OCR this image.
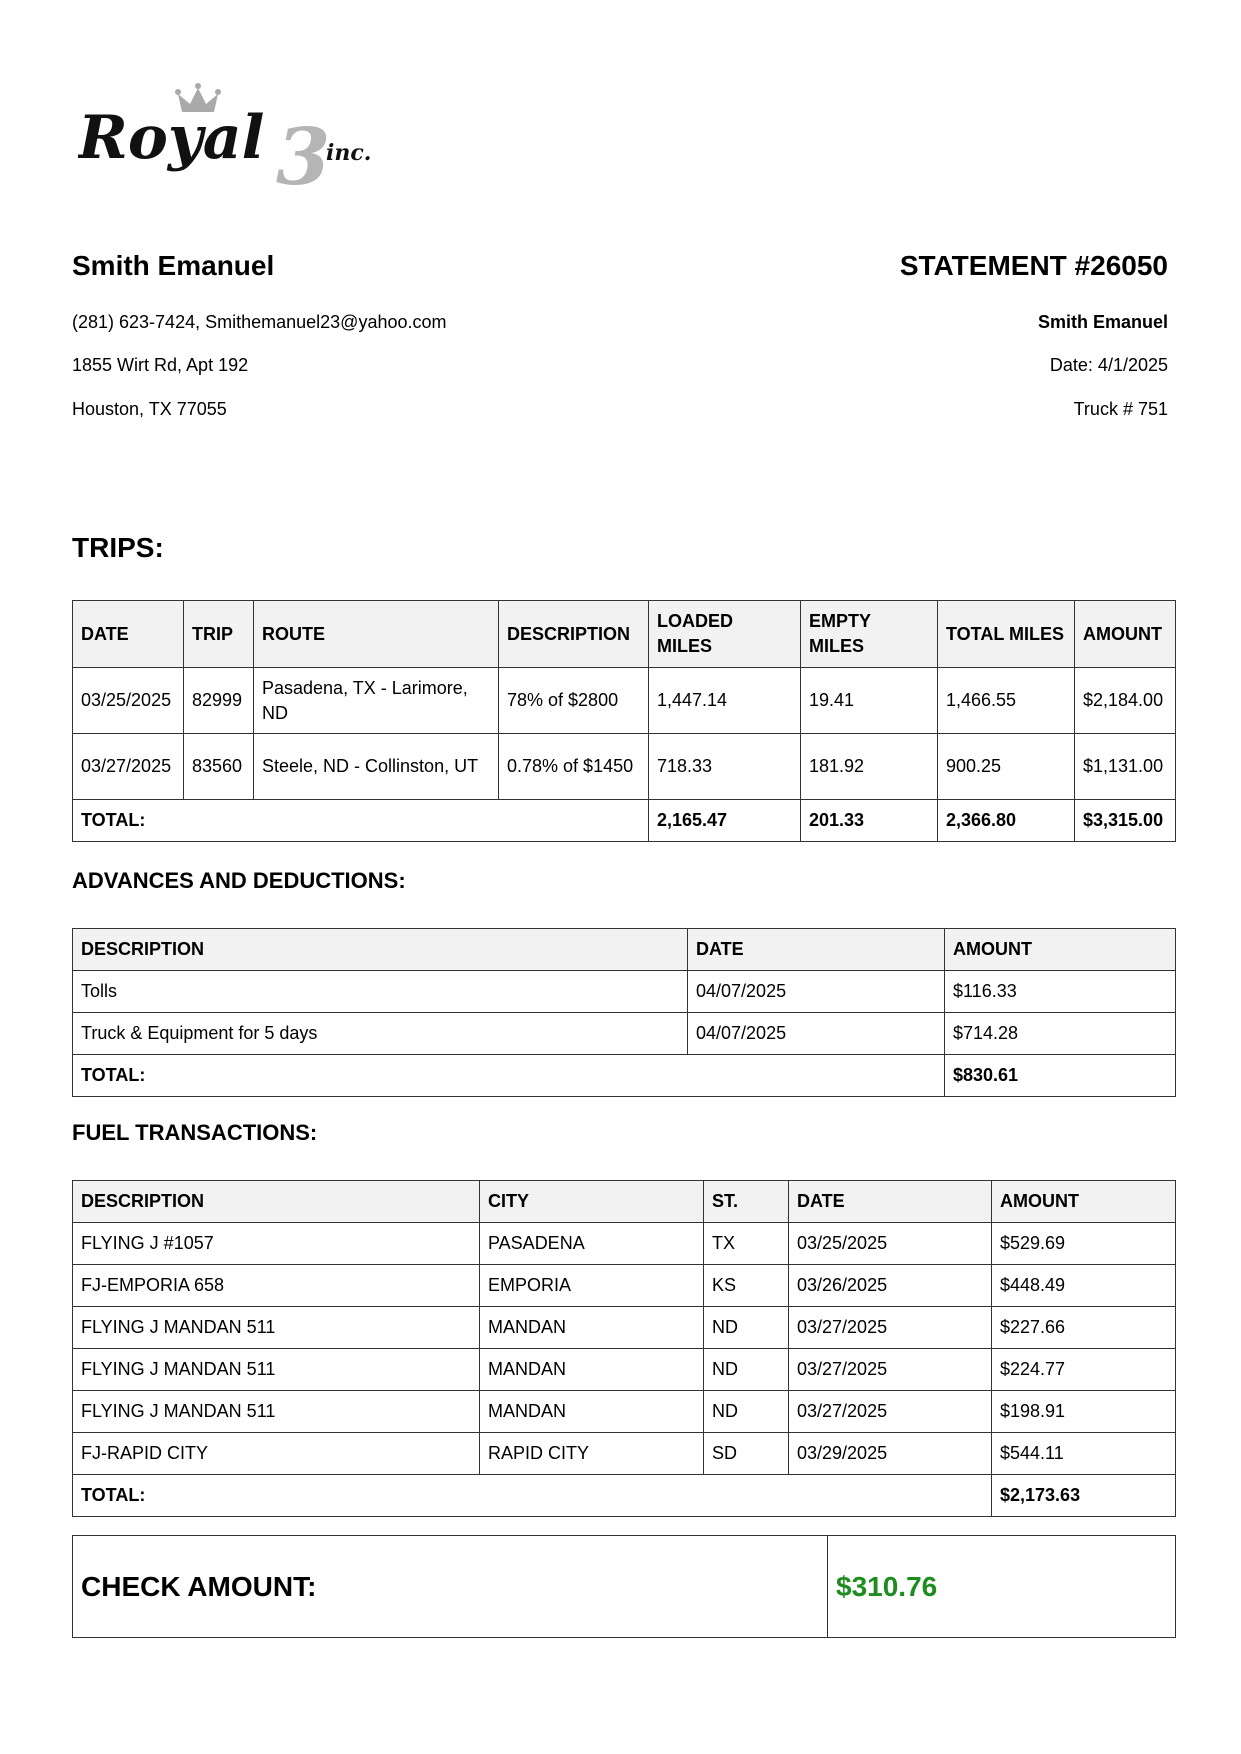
3
Royal	inc.
Smith Emanuel
(281) 623-7424, Smithemanuel23@yahoo.com
1855 Wirt Rd, Apt 192
Houston, TX 77055
STATEMENT #26050
Smith Emanuel
Date: 4/1/2025
Truck # 751
TRIPS:
DATE	TRIP	ROUTE	DESCRIPTION	LOADED MILES	EMPTY MILES	TOTAL MILES	AMOUNT
03/25/2025	82999	Pasadena, TX - Larimore, ND	78% of $2800	1,447.14	19.41	1,466.55	$2,184.00
03/27/2025	83560	Steele, ND - Collinston, UT	0.78% of $1450	718.33	181.92	900.25	$1,131.00
TOTAL:				2,165.47	201.33	2,366.80	$3,315.00
ADVANCES AND DEDUCTIONS:
DESCRIPTION	DATE	AMOUNT
Tolls	04/07/2025	$116.33
Truck & Equipment for 5 days	04/07/2025	$714.28
TOTAL:		$830.61
FUEL TRANSACTIONS:
DESCRIPTION	CITY	ST.	DATE	AMOUNT
FLYING J #1057	PASADENA	TX	03/25/2025	$529.69
FJ-EMPORIA 658	EMPORIA	KS	03/26/2025	$448.49
FLYING J MANDAN 511	MANDAN	ND	03/27/2025	$227.66
FLYING J MANDAN 511	MANDAN	ND	03/27/2025	$224.77
FLYING J MANDAN 511	MANDAN	ND	03/27/2025	$198.91
FJ-RAPID CITY	RAPID CITY	SD	03/29/2025	$544.11
TOTAL:				$2,173.63
CHECK AMOUNT:	$310.76
